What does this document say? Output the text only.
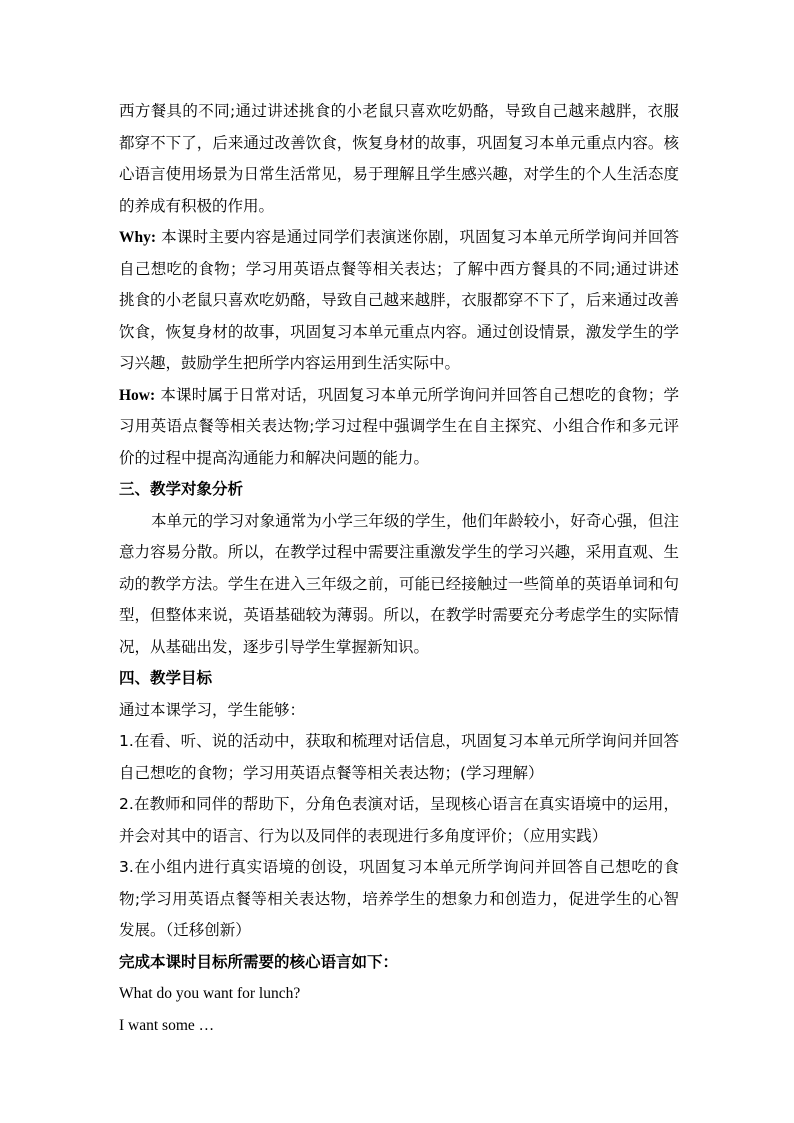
西方餐具的不同;通过讲述挑食的小老鼠只喜欢吃奶酪，导致自己越来越胖，衣服都穿不下了，后来通过改善饮食，恢复身材的故事，巩固复习本单元重点内容。核心语言使用场景为日常生活常见，易于理解且学生感兴趣，对学生的个人生活态度的养成有积极的作用。

Why: 本课时主要内容是通过同学们表演迷你剧，巩固复习本单元所学询问并回答自己想吃的食物；学习用英语点餐等相关表达；了解中西方餐具的不同;通过讲述挑食的小老鼠只喜欢吃奶酪，导致自己越来越胖，衣服都穿不下了，后来通过改善饮食，恢复身材的故事，巩固复习本单元重点内容。通过创设情景，激发学生的学习兴趣，鼓励学生把所学内容运用到生活实际中。

How: 本课时属于日常对话，巩固复习本单元所学询问并回答自己想吃的食物；学习用英语点餐等相关表达物;学习过程中强调学生在自主探究、小组合作和多元评价的过程中提高沟通能力和解决问题的能力。

三、教学对象分析

本单元的学习对象通常为小学三年级的学生，他们年龄较小，好奇心强，但注意力容易分散。所以，在教学过程中需要注重激发学生的学习兴趣，采用直观、生动的教学方法。学生在进入三年级之前，可能已经接触过一些简单的英语单词和句型，但整体来说，英语基础较为薄弱。所以，在教学时需要充分考虑学生的实际情况，从基础出发，逐步引导学生掌握新知识。

四、教学目标

通过本课学习，学生能够：

1.在看、听、说的活动中，获取和梳理对话信息，巩固复习本单元所学询问并回答自己想吃的食物；学习用英语点餐等相关表达物；(学习理解）

2.在教师和同伴的帮助下，分角色表演对话，呈现核心语言在真实语境中的运用，并会对其中的语言、行为以及同伴的表现进行多角度评价；（应用实践）

3.在小组内进行真实语境的创设，巩固复习本单元所学询问并回答自己想吃的食物;学习用英语点餐等相关表达物，培养学生的想象力和创造力，促进学生的心智发展。（迁移创新）

完成本课时目标所需要的核心语言如下：

What do you want for lunch?

I want some …
